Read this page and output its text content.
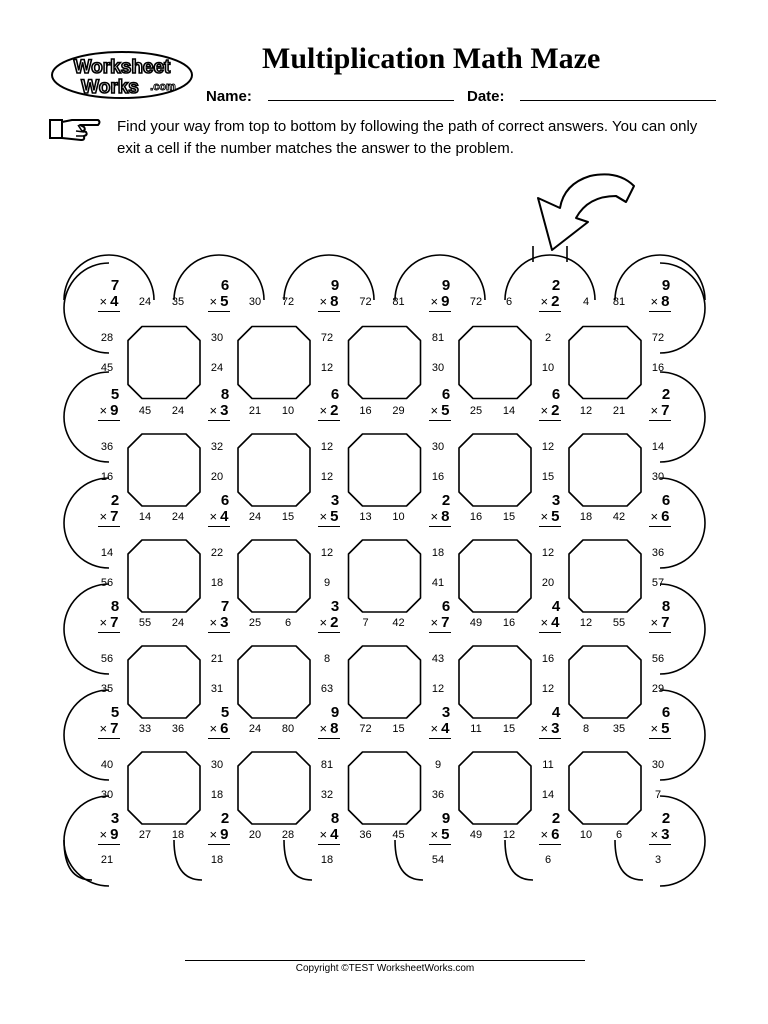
Worksheet
Works .com
Multiplication Math Maze
Name:	Date:

Find your way from top to bottom by following the path of correct answers. You can only exit a cell if the number matches the answer to the problem.

7
× 4
6
× 5
9
× 8
9
× 9
2
× 2
9
× 8
5
× 9
8
× 3
6
× 2
6
× 5
6
× 2
2
× 7
2
× 7
6
× 4
3
× 5
2
× 8
3
× 5
6
× 6
8
× 7
7
× 3
3
× 2
6
× 7
4
× 4
8
× 7
5
× 7
5
× 6
9
× 8
3
× 4
4
× 3
6
× 5
3
× 9
2
× 9
8
× 4
9
× 5
2
× 6
2
× 3
24	35	30	72	72	81	72	6	4	81
45	24	21	10	16	29	25	14	12	21
14	24	24	15	13	10	16	15	18	42
55	24	25	6	7	42	49	16	12	55
33	36	24	80	72	15	11	15	8	35
27	18	20	28	36	45	49	12	10	6
28
45
30
24
72
12
81
30
2
10
72
16
36
16
32
20
12
12
30
16
12
15
14
30
14
56
22
18
12
9
18
41
12
20
36
57
56
35
21
31
8
63
43
12
16
12
56
29
40
30
30
18
81
32
9
36
11
14
30
7
21	18	18	54	6	3
Copyright ©TEST WorksheetWorks.com
